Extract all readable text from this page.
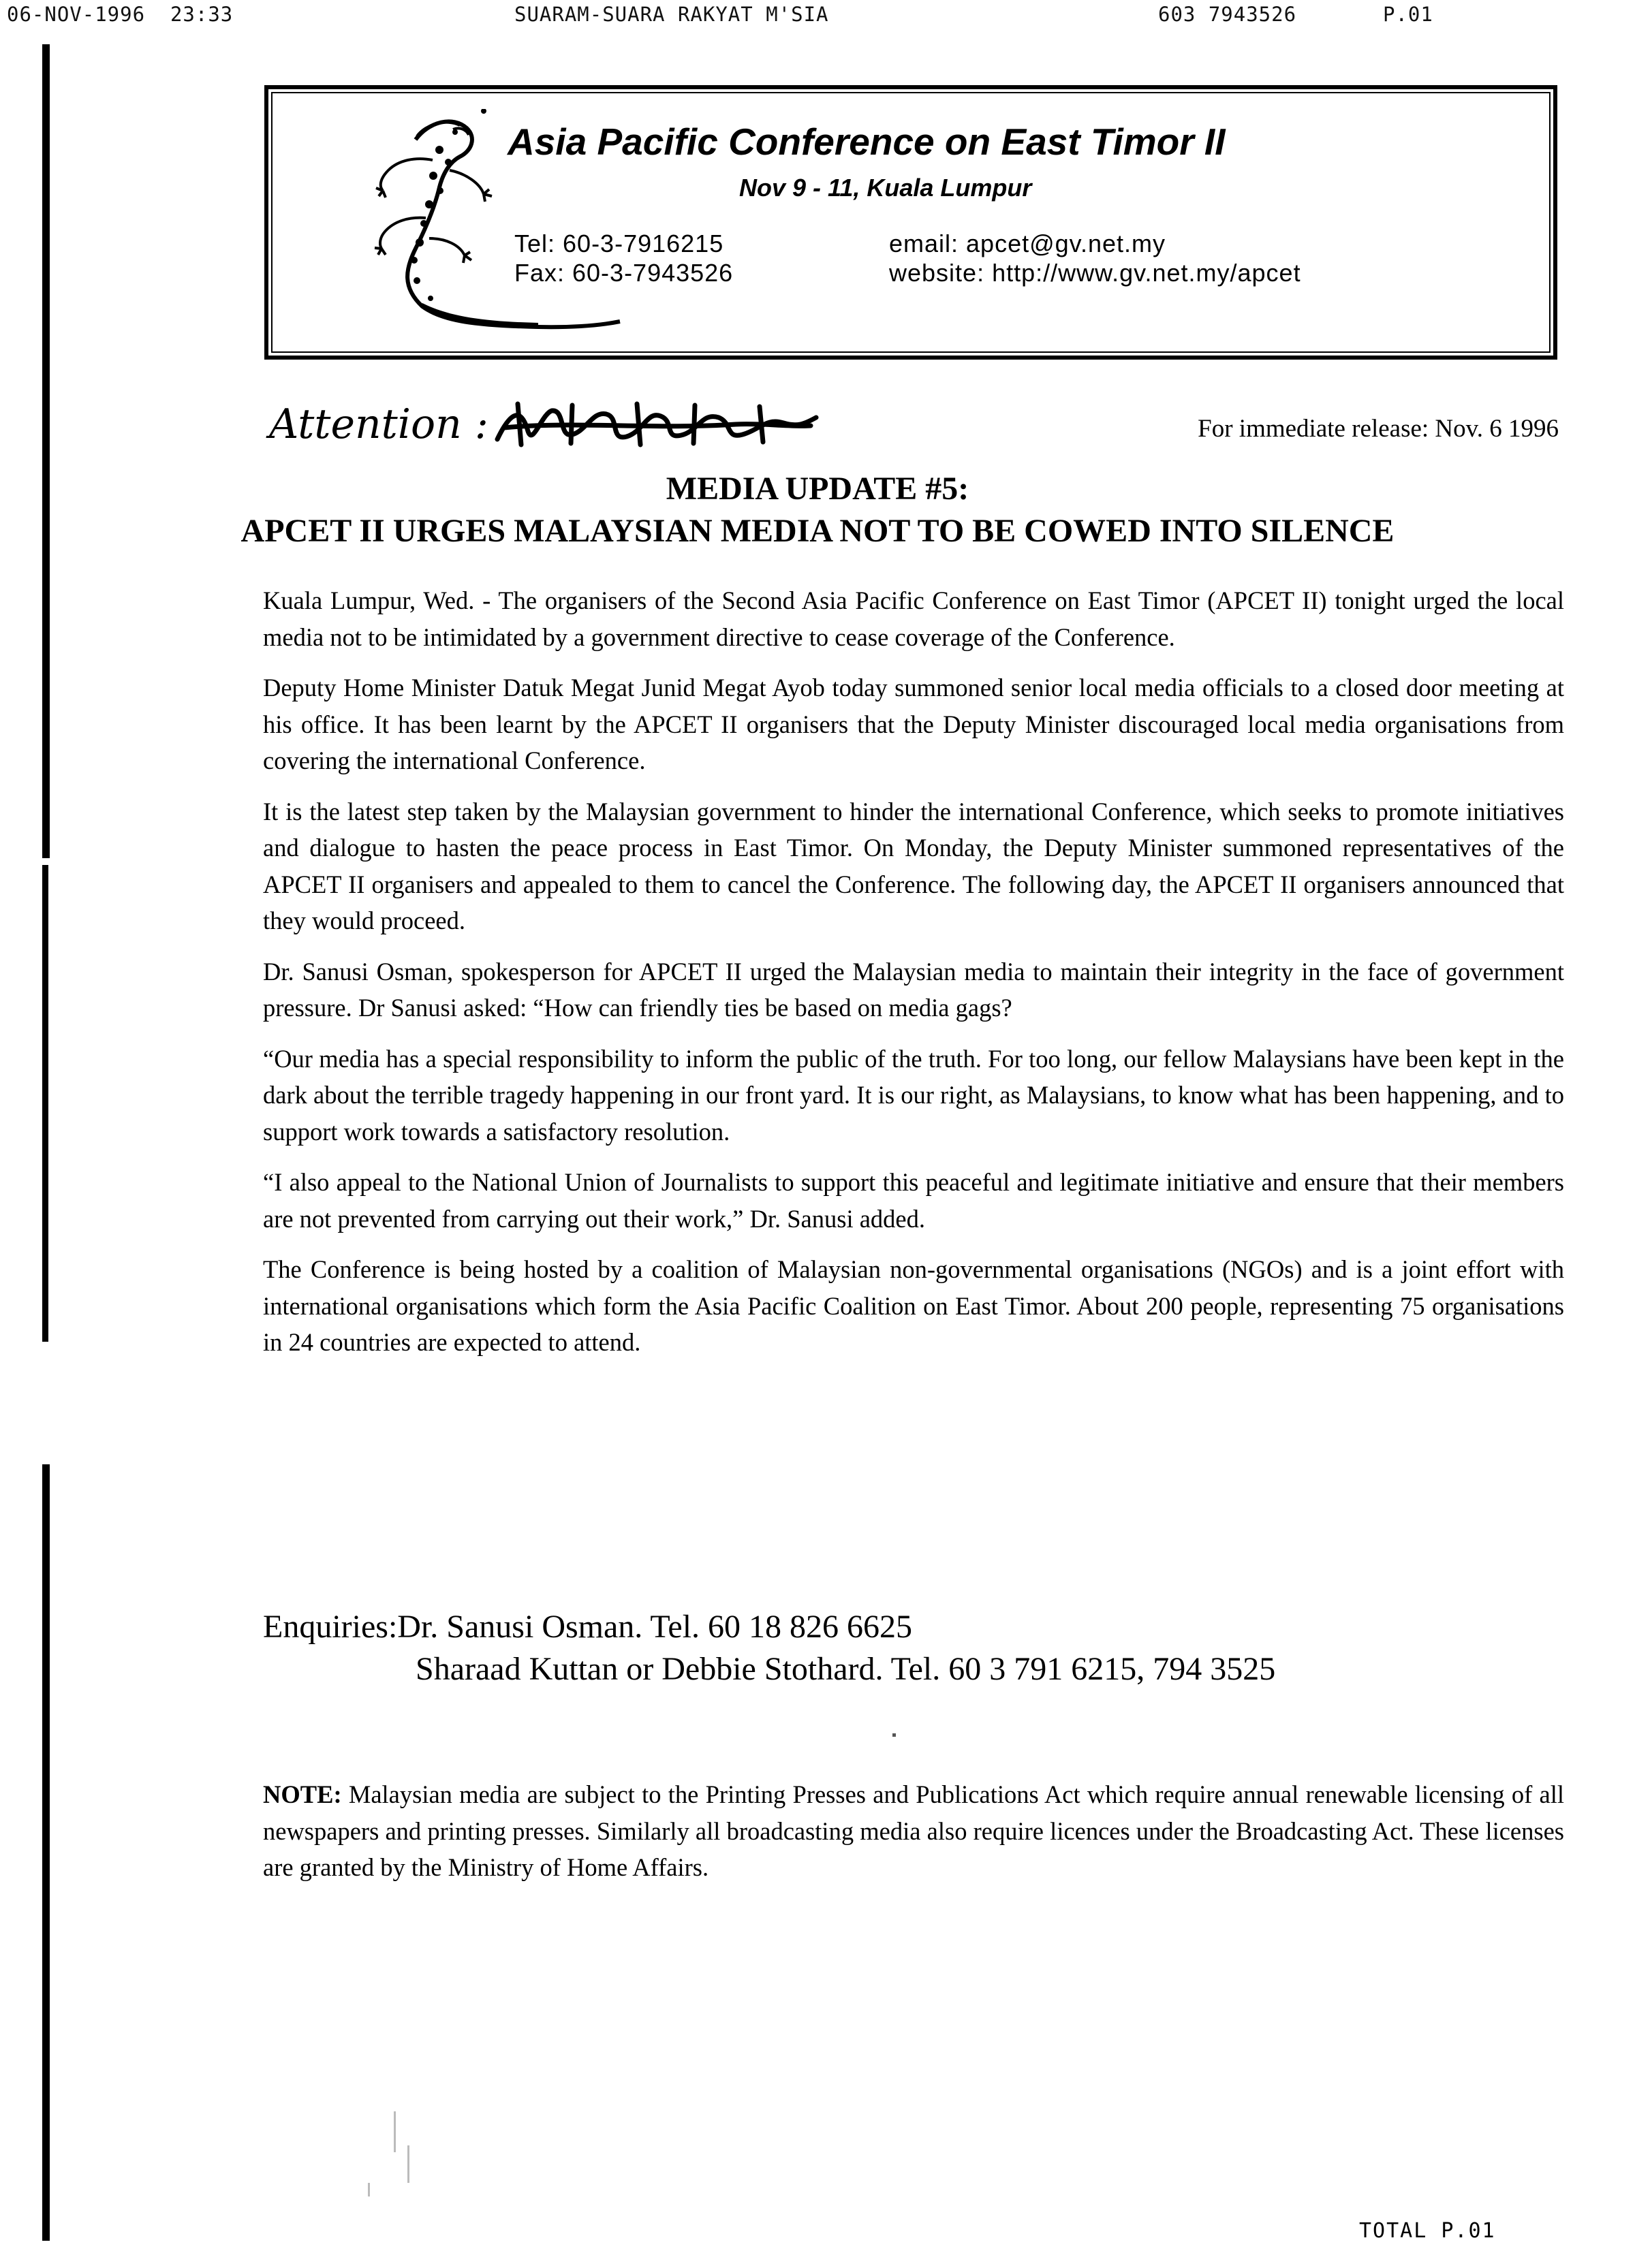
06-NOV-1996  23:33	SUARAM-SUARA RAKYAT M'SIA	603 7943526	P.01
Asia Pacific Conference on East Timor II
Nov 9 - 11, Kuala Lumpur
Tel: 60-3-7916215
Fax: 60-3-7943526
email: apcet@gv.net.my
website: http://www.gv.net.my/apcet
Attention :	For immediate release: Nov. 6 1996
MEDIA UPDATE #5:
APCET II URGES MALAYSIAN MEDIA NOT TO BE COWED INTO SILENCE

Kuala Lumpur, Wed. - The organisers of the Second Asia Pacific Conference on East Timor (APCET II) tonight urged the local media not to be intimidated by a government directive to cease coverage of the Conference.

Deputy Home Minister Datuk Megat Junid Megat Ayob today summoned senior local media officials to a closed door meeting at his office. It has been learnt by the APCET II organisers that the Deputy Minister discouraged local media organisations from covering the international Conference.

It is the latest step taken by the Malaysian government to hinder the international Conference, which seeks to promote initiatives and dialogue to hasten the peace process in East Timor. On Monday, the Deputy Minister summoned representatives of the APCET II organisers and appealed to them to cancel the Conference. The following day, the APCET II organisers announced that they would proceed.

Dr. Sanusi Osman, spokesperson for APCET II urged the Malaysian media to maintain their integrity in the face of government pressure. Dr Sanusi asked: “How can friendly ties be based on media gags?

“Our media has a special responsibility to inform the public of the truth. For too long, our fellow Malaysians have been kept in the dark about the terrible tragedy happening in our front yard. It is our right, as Malaysians, to know what has been happening, and to support work towards a satisfactory resolution.

“I also appeal to the National Union of Journalists to support this peaceful and legitimate initiative and ensure that their members are not prevented from carrying out their work,” Dr. Sanusi added.

The Conference is being hosted by a coalition of Malaysian non-governmental organisations (NGOs) and is a joint effort with international organisations which form the Asia Pacific Coalition on East Timor. About 200 people, representing 75 organisations in 24 countries are expected to attend.

Enquiries:Dr. Sanusi Osman. Tel. 60 18 826 6625
Sharaad Kuttan or Debbie Stothard. Tel. 60 3 791 6215, 794 3525
NOTE: Malaysian media are subject to the Printing Presses and Publications Act which require annual renewable licensing of all newspapers and printing presses. Similarly all broadcasting media also require licences under the Broadcasting Act. These licenses are granted by the Ministry of Home Affairs.
TOTAL P.01
